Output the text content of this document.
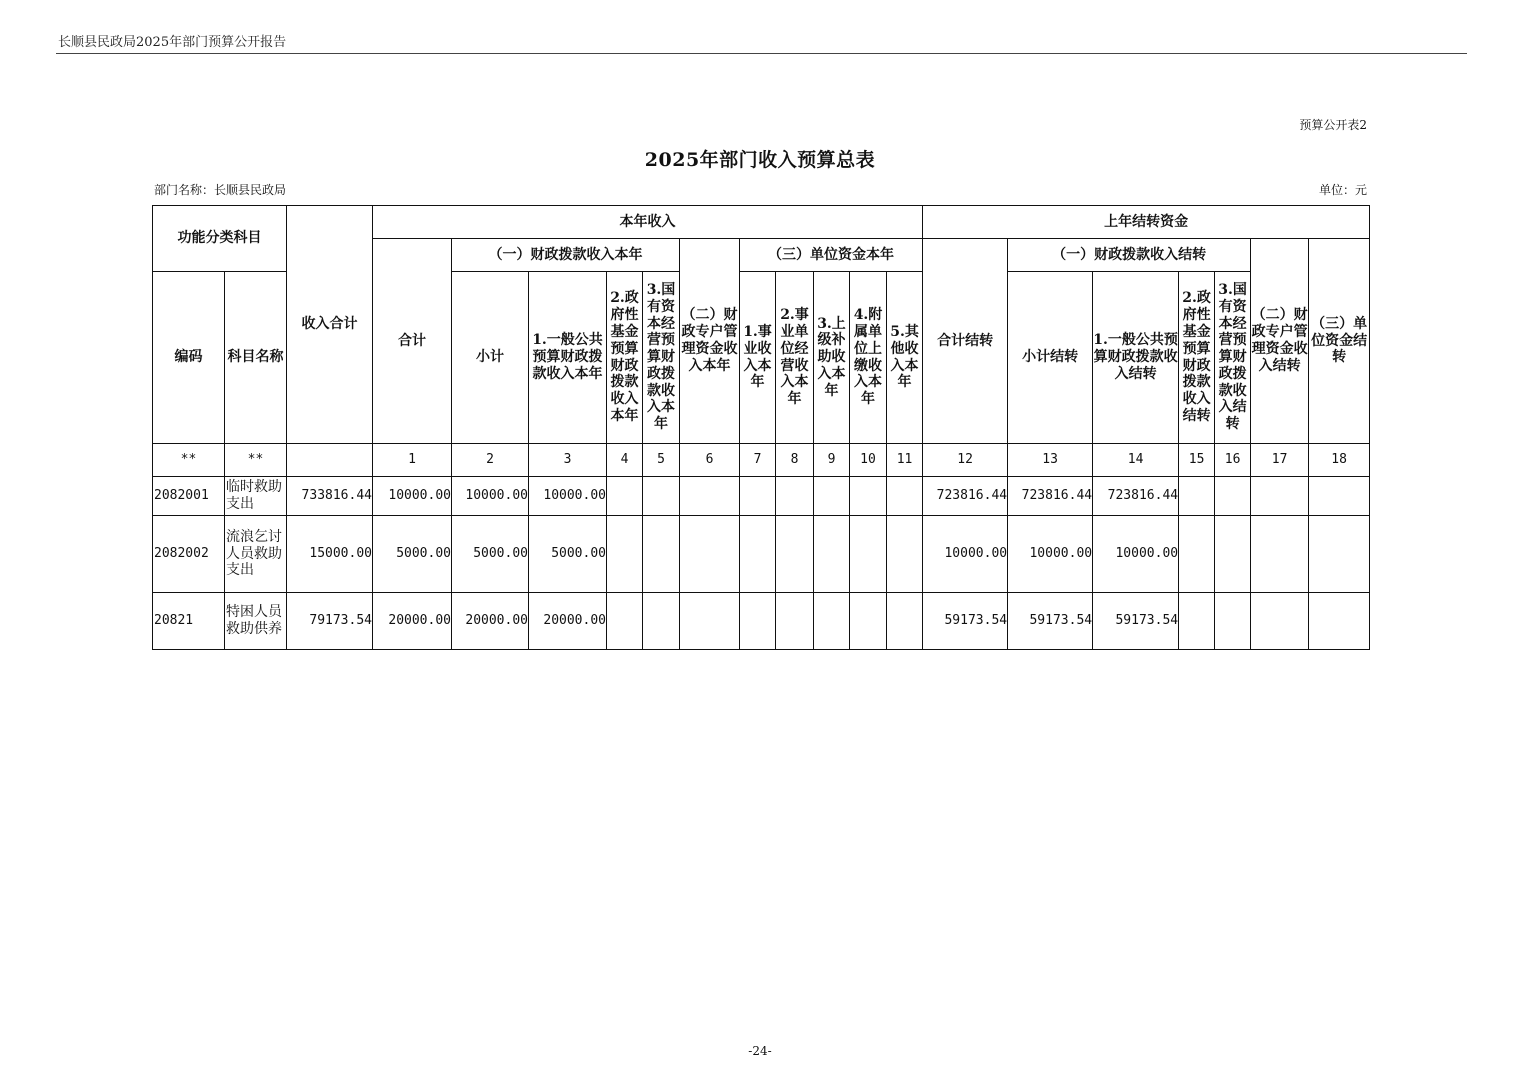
长顺县民政局2025年部门预算公开报告
预算公开表2
2025年部门收入预算总表
部门名称：长顺县民政局	单位：元
功能分类科目		收入合计	本年收入											上年结转资金						
			合计	（一）财政拨款收入本年				（二）财政专户管理资金收入本年	（三）单位资金本年					合计结转	（一）财政拨款收入结转				（二）财政专户管理资金收入结转	（三）单位资金结转
编码	科目名称			小计	1.一般公共预算财政拨款收入本年	2.政府性基金预算财政拨款收入本年	3.国有资本经营预算财政拨款收入本年		1.事业收入本年	2.事业单位经营收入本年	3.上级补助收入本年	4.附属单位上缴收入本年	5.其他收入本年		小计结转	1.一般公共预算财政拨款收入结转	2.政府性基金预算财政拨款收入结转	3.国有资本经营预算财政拨款收入结转		
**	**		1	2	3	4	5	6	7	8	9	10	11	12	13	14	15	16	17	18
2082001	临时救助支出	733816.44	10000.00	10000.00	10000.00									723816.44	723816.44	723816.44				
2082002	流浪乞讨人员救助支出	15000.00	5000.00	5000.00	5000.00									10000.00	10000.00	10000.00				
20821	特困人员救助供养	79173.54	20000.00	20000.00	20000.00									59173.54	59173.54	59173.54				
-24-
